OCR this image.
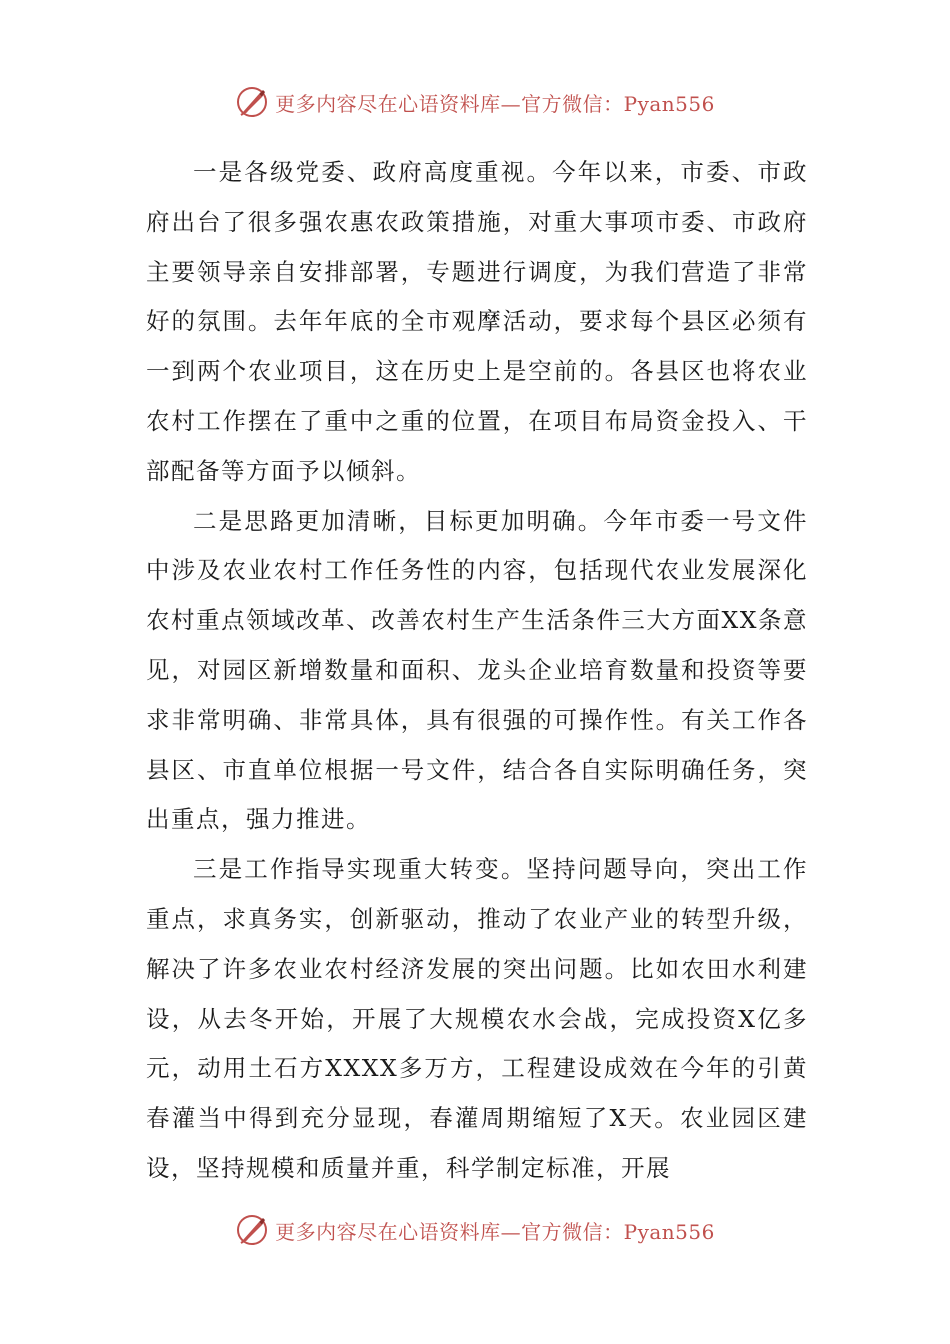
更多内容尽在心语资料库—官方微信：Pyan556

一是各级党委、政府高度重视。今年以来，市委、市政府出台了很多强农惠农政策措施，对重大事项市委、市政府主要领导亲自安排部署，专题进行调度，为我们营造了非常好的氛围。去年年底的全市观摩活动，要求每个县区必须有一到两个农业项目，这在历史上是空前的。各县区也将农业农村工作摆在了重中之重的位置，在项目布局资金投入、干部配备等方面予以倾斜。

二是思路更加清晰，目标更加明确。今年市委一号文件中涉及农业农村工作任务性的内容，包括现代农业发展深化农村重点领域改革、改善农村生产生活条件三大方面XX条意见，对园区新增数量和面积、龙头企业培育数量和投资等要求非常明确、非常具体，具有很强的可操作性。有关工作各县区、市直单位根据一号文件，结合各自实际明确任务，突出重点，强力推进。

三是工作指导实现重大转变。坚持问题导向，突出工作重点，求真务实，创新驱动，推动了农业产业的转型升级，解决了许多农业农村经济发展的突出问题。比如农田水利建设，从去冬开始，开展了大规模农水会战，完成投资X亿多元，动用土石方XXXX多万方，工程建设成效在今年的引黄春灌当中得到充分显现，春灌周期缩短了X天。农业园区建设，坚持规模和质量并重，科学制定标准，开展

更多内容尽在心语资料库—官方微信：Pyan556
